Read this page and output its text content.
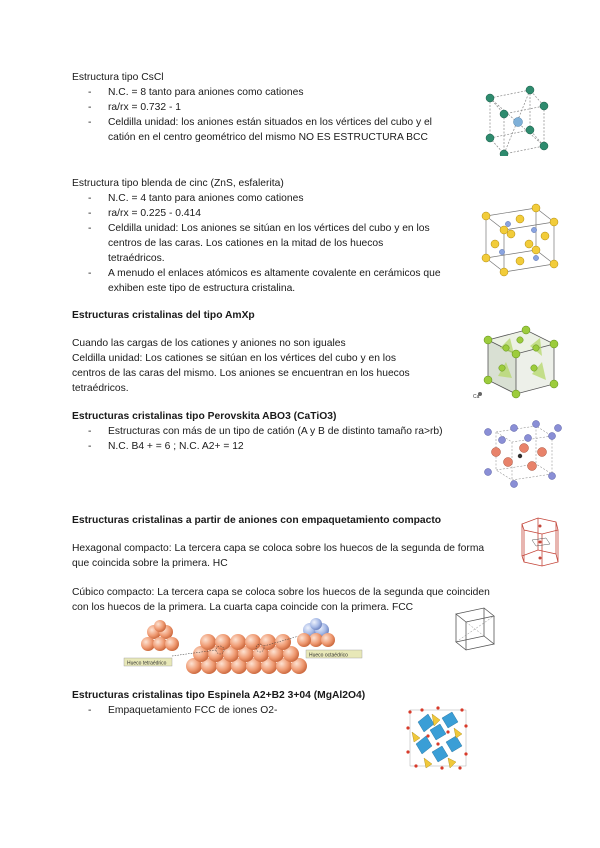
Estructura tipo CsCl
- N.C. = 8 tanto para aniones como cationes
- ra/rx = 0.732 - 1
- Celdilla unidad: los aniones están situados en los vértices del cubo y el
catión en el centro geométrico del mismo NO ES ESTRUCTURA BCC
Estructura tipo blenda de cinc (ZnS, esfalerita)
- N.C. = 4 tanto para aniones como cationes
- ra/rx = 0.225 - 0.414
- Celdilla unidad: Los aniones se sitúan en los vértices del cubo y en los
centros de las caras. Los cationes en la mitad de los huecos
tetraédricos.
- A menudo el enlaces atómicos es altamente covalente en cerámicos que
exhiben este tipo de estructura cristalina.
Estructuras cristalinas del tipo AmXp
Cuando las cargas de los cationes y aniones no son iguales
Celdilla unidad: Los cationes se sitúan en los vértices del cubo y en los
centros de las caras del mismo. Los aniones se encuentran en los huecos
tetraédricos.
Ca
Estructuras cristalinas tipo Perovskita ABO3 (CaTiO3)
- Estructuras con más de un tipo de catión (A y B de distinto tamaño ra>rb)
- N.C. B4 + = 6 ; N.C. A2+ = 12
Estructuras cristalinas a partir de aniones con empaquetamiento compacto
Hexagonal compacto: La tercera capa se coloca sobre los huecos de la segunda de forma
que coincida sobre la primera. HC
Cúbico compacto: La tercera capa se coloca sobre los huecos de la segunda que coinciden
con los huecos de la primera. La cuarta capa coincide con la primera. FCC
Hueco tetraédrico
Hueco octaédrico
Estructuras cristalinas tipo Espinela A2+B2 3+04 (MgAl2O4)
- Empaquetamiento FCC de iones O2-
